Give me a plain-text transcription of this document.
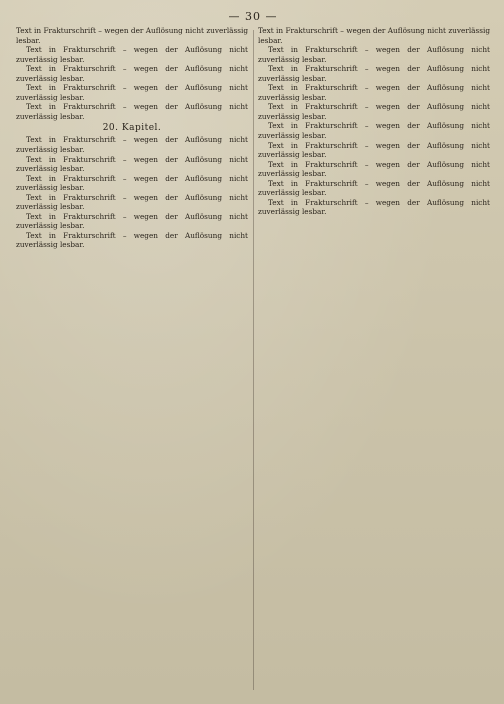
— 30 —

Text in Frakturschrift – wegen der Auflösung nicht zuverlässig lesbar.

Text in Frakturschrift – wegen der Auflösung nicht zuverlässig lesbar.

Text in Frakturschrift – wegen der Auflösung nicht zuverlässig lesbar.

Text in Frakturschrift – wegen der Auflösung nicht zuverlässig lesbar.

Text in Frakturschrift – wegen der Auflösung nicht zuverlässig lesbar.

20. Kapitel.

Text in Frakturschrift – wegen der Auflösung nicht zuverlässig lesbar.

Text in Frakturschrift – wegen der Auflösung nicht zuverlässig lesbar.

Text in Frakturschrift – wegen der Auflösung nicht zuverlässig lesbar.

Text in Frakturschrift – wegen der Auflösung nicht zuverlässig lesbar.

Text in Frakturschrift – wegen der Auflösung nicht zuverlässig lesbar.

Text in Frakturschrift – wegen der Auflösung nicht zuverlässig lesbar.

Text in Frakturschrift – wegen der Auflösung nicht zuverlässig lesbar.

Text in Frakturschrift – wegen der Auflösung nicht zuverlässig lesbar.

Text in Frakturschrift – wegen der Auflösung nicht zuverlässig lesbar.

Text in Frakturschrift – wegen der Auflösung nicht zuverlässig lesbar.

Text in Frakturschrift – wegen der Auflösung nicht zuverlässig lesbar.

Text in Frakturschrift – wegen der Auflösung nicht zuverlässig lesbar.

Text in Frakturschrift – wegen der Auflösung nicht zuverlässig lesbar.

Text in Frakturschrift – wegen der Auflösung nicht zuverlässig lesbar.

Text in Frakturschrift – wegen der Auflösung nicht zuverlässig lesbar.

Text in Frakturschrift – wegen der Auflösung nicht zuverlässig lesbar.
